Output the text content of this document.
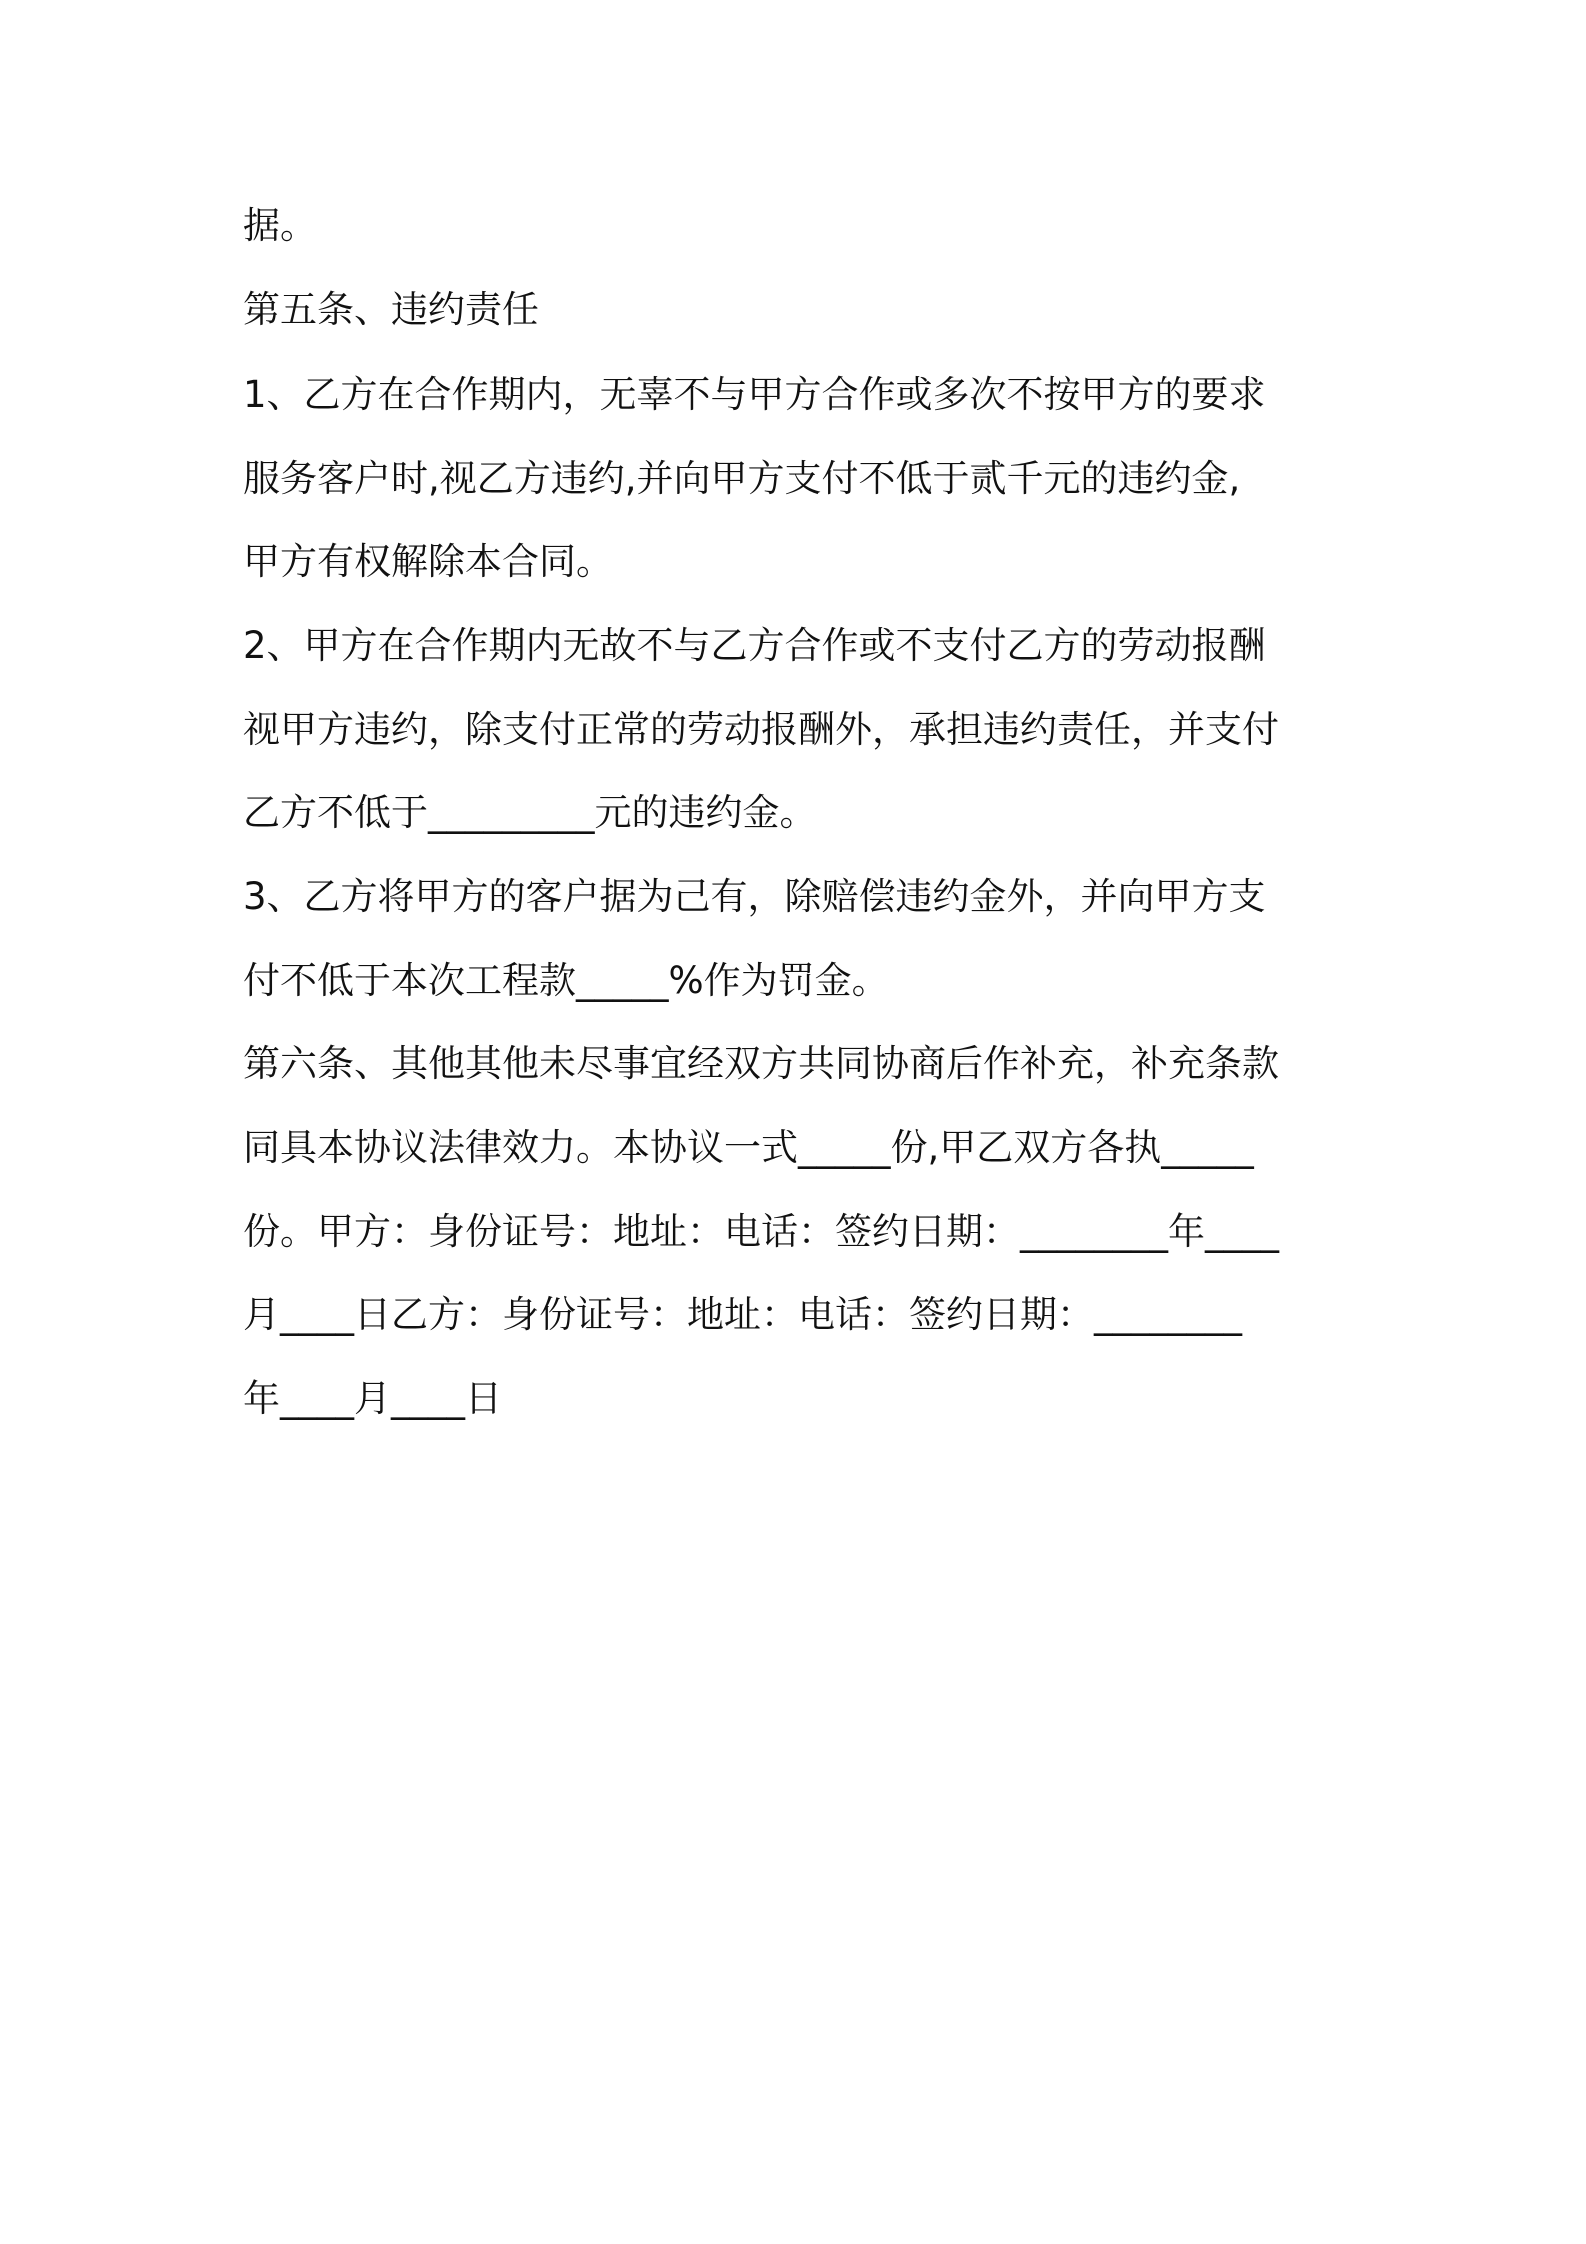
据。
第五条、违约责任
1、乙方在合作期内，无辜不与甲方合作或多次不按甲方的要求
服务客户时,视乙方违约,并向甲方支付不低于贰千元的违约金,
甲方有权解除本合同。
2、甲方在合作期内无故不与乙方合作或不支付乙方的劳动报酬
视甲方违约，除支付正常的劳动报酬外，承担违约责任，并支付
乙方不低于_________元的违约金。
3、乙方将甲方的客户据为己有，除赔偿违约金外，并向甲方支
付不低于本次工程款_____%作为罚金。
第六条、其他其他未尽事宜经双方共同协商后作补充，补充条款
同具本协议法律效力。本协议一式_____份,甲乙双方各执_____
份。甲方：身份证号：地址：电话：签约日期：________年____
月____日乙方：身份证号：地址：电话：签约日期：________
年____月____日
